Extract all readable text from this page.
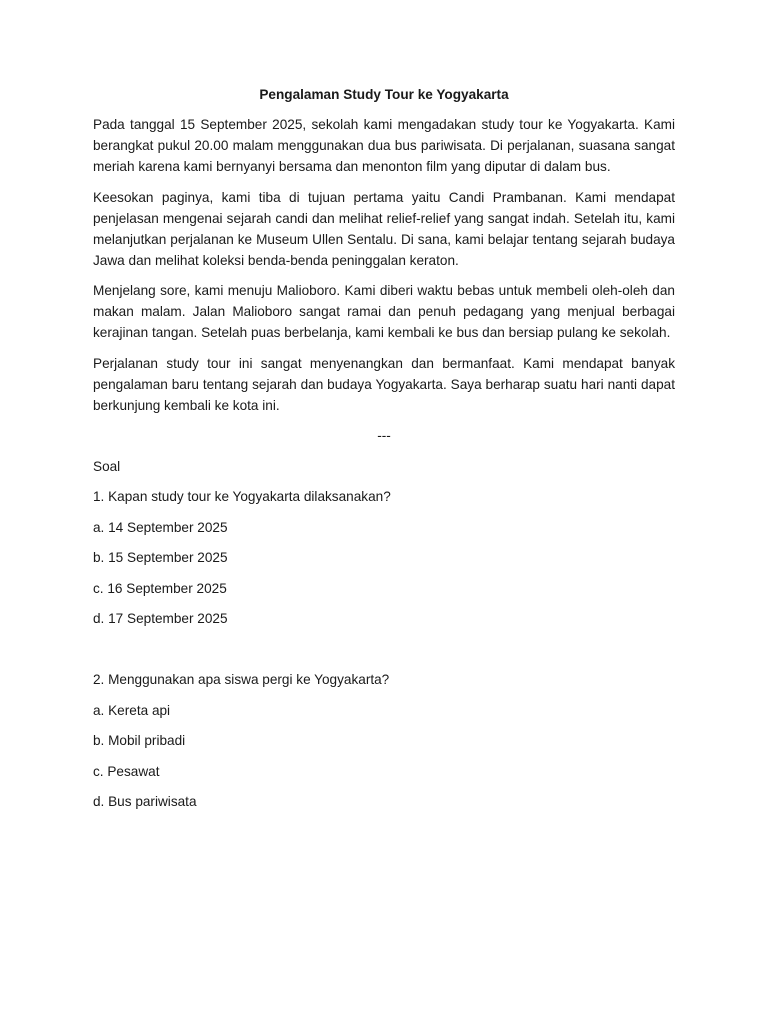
Pengalaman Study Tour ke Yogyakarta

Pada tanggal 15 September 2025, sekolah kami mengadakan study tour ke Yogyakarta. Kami berangkat pukul 20.00 malam menggunakan dua bus pariwisata. Di perjalanan, suasana sangat meriah karena kami bernyanyi bersama dan menonton film yang diputar di dalam bus.

Keesokan paginya, kami tiba di tujuan pertama yaitu Candi Prambanan. Kami mendapat penjelasan mengenai sejarah candi dan melihat relief-relief yang sangat indah. Setelah itu, kami melanjutkan perjalanan ke Museum Ullen Sentalu. Di sana, kami belajar tentang sejarah budaya Jawa dan melihat koleksi benda-benda peninggalan keraton.

Menjelang sore, kami menuju Malioboro. Kami diberi waktu bebas untuk membeli oleh-oleh dan makan malam. Jalan Malioboro sangat ramai dan penuh pedagang yang menjual berbagai kerajinan tangan. Setelah puas berbelanja, kami kembali ke bus dan bersiap pulang ke sekolah.

Perjalanan study tour ini sangat menyenangkan dan bermanfaat. Kami mendapat banyak pengalaman baru tentang sejarah dan budaya Yogyakarta. Saya berharap suatu hari nanti dapat berkunjung kembali ke kota ini.

---

Soal

1. Kapan study tour ke Yogyakarta dilaksanakan?

a. 14 September 2025

b. 15 September 2025

c. 16 September 2025

d. 17 September 2025

2. Menggunakan apa siswa pergi ke Yogyakarta?

a. Kereta api

b. Mobil pribadi

c. Pesawat

d. Bus pariwisata
